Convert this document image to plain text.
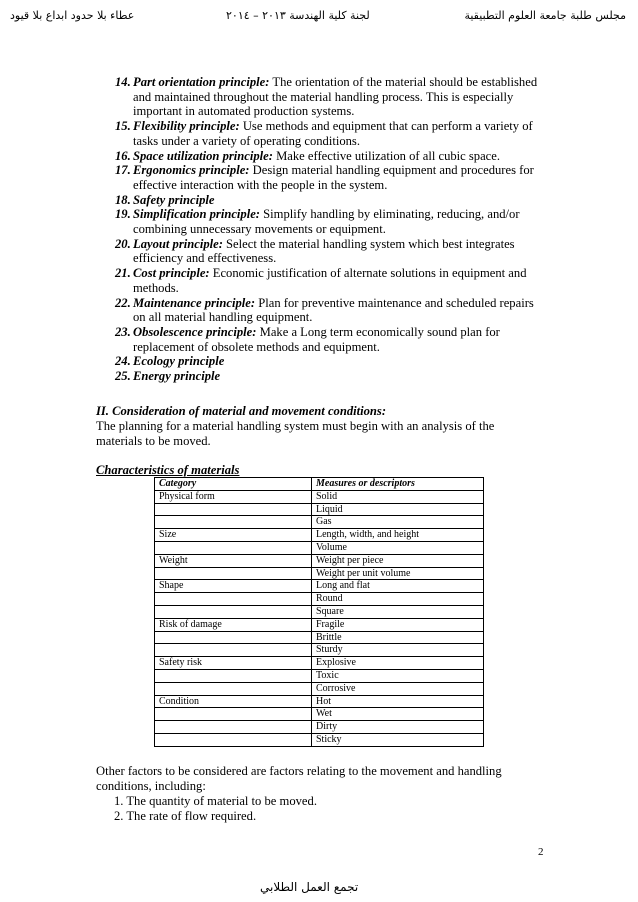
مجلس طلبة جامعة العلوم التطبيقية
لجنة كلية الهندسة ٢٠١٣ – ٢٠١٤
عطاء بلا حدود ابداع بلا قيود
14. Part orientation principle: The orientation of the material should be established and maintained throughout the material handling process. This is especially important in automated production systems.
15. Flexibility principle: Use methods and equipment that can perform a variety of tasks under a variety of operating conditions.
16. Space utilization principle: Make effective utilization of all cubic space.
17. Ergonomics principle: Design material handling equipment and procedures for effective interaction with the people in the system.
18. Safety principle
19. Simplification principle: Simplify handling by eliminating, reducing, and/or combining unnecessary movements or equipment.
20. Layout principle: Select the material handling system which best integrates efficiency and effectiveness.
21. Cost principle: Economic justification of alternate solutions in equipment and methods.
22. Maintenance principle: Plan for preventive maintenance and scheduled repairs on all material handling equipment.
23. Obsolescence principle: Make a Long term economically sound plan for replacement of obsolete methods and equipment.
24. Ecology principle
25. Energy principle
II. Consideration of material and movement conditions:
The planning for a material handling system must begin with an analysis of the materials to be moved.
Characteristics of materials
Category	Measures or descriptors
Physical form	Solid
	Liquid
	Gas
Size	Length, width, and height
	Volume
Weight	Weight per piece
	Weight per unit volume
Shape	Long and flat
	Round
	Square
Risk of damage	Fragile
	Brittle
	Sturdy
Safety risk	Explosive
	Toxic
	Corrosive
Condition	Hot
	Wet
	Dirty
	Sticky
Other factors to be considered are factors relating to the movement and handling conditions, including:
1. The quantity of material to be moved.
2. The rate of flow required.
2
تجمع العمل الطلابي
